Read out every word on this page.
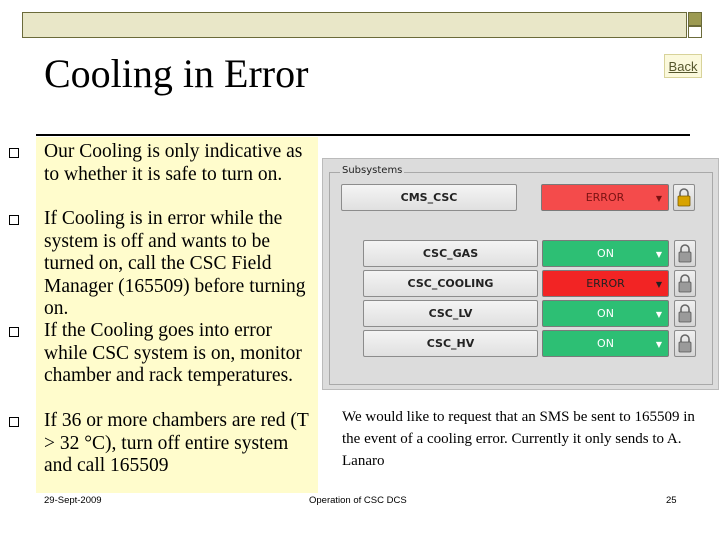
Cooling in Error	Back
Our Cooling is only indicative as to whether it is safe to turn on.
If Cooling is in error while the system is off and wants to be turned on, call the CSC Field Manager (165509) before turning on.
If the Cooling goes into error while CSC system is on, monitor chamber and rack temperatures.
If 36 or more chambers are red (T > 32 °C), turn off entire system and call 165509
Subsystems
CMS_CSC	ERROR	▼
CSC_GAS	ON	▼
CSC_COOLING	ERROR	▼
CSC_LV	ON	▼
CSC_HV	ON	▼
We would like to request that an SMS be sent to 165509 in the event of a cooling error. Currently it only sends to A. Lanaro
29-Sept-2009	Operation of CSC DCS	25
